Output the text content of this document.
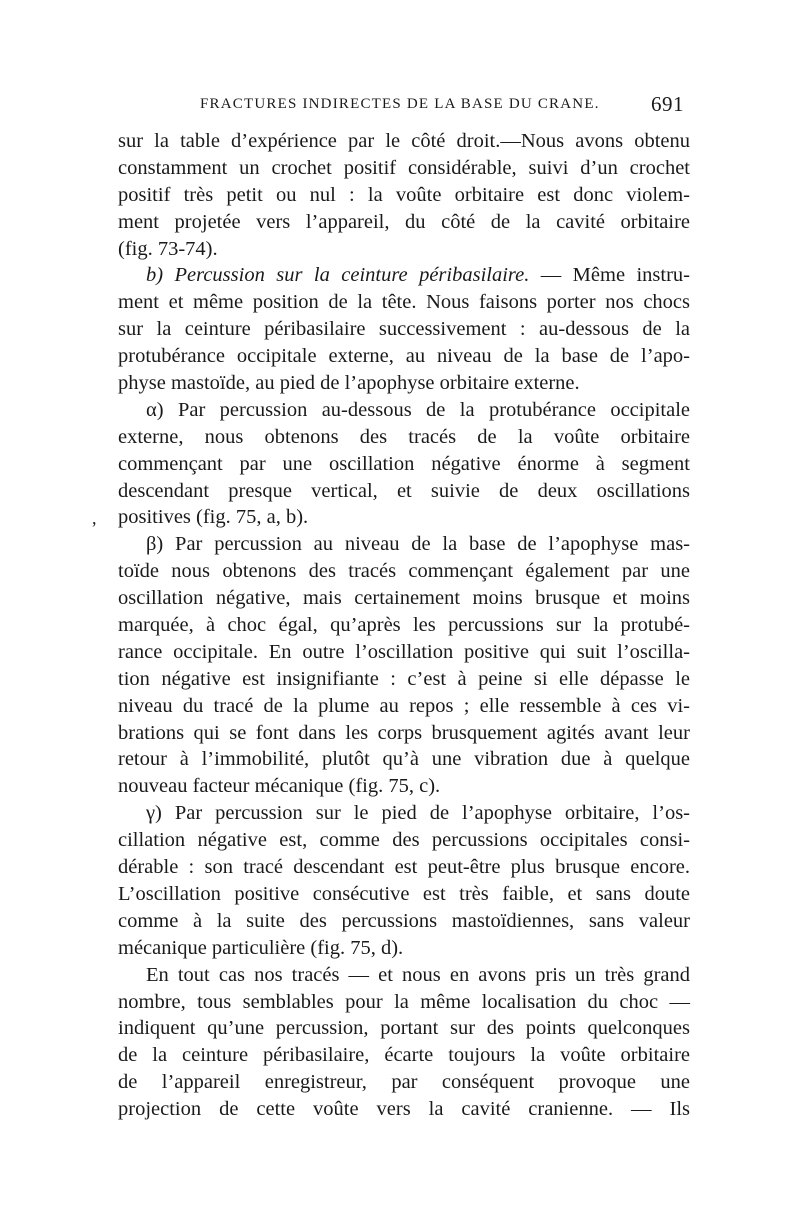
FRACTURES INDIRECTES DE LA BASE DU CRANE. 691
,
sur la table d’expérience par le côté droit.—Nous avons obtenu
constamment un crochet positif considérable, suivi d’un crochet
positif très petit ou nul : la voûte orbitaire est donc violem-
ment projetée vers l’appareil, du côté de la cavité orbitaire
(fig. 73-74).
b) Percussion sur la ceinture péribasilaire. — Même instru-
ment et même position de la tête. Nous faisons porter nos chocs
sur la ceinture péribasilaire successivement : au-dessous de la
protubérance occipitale externe, au niveau de la base de l’apo-
physe mastoïde, au pied de l’apophyse orbitaire externe.
α) Par percussion au-dessous de la protubérance occipitale
externe, nous obtenons des tracés de la voûte orbitaire
commençant par une oscillation négative énorme à segment
descendant presque vertical, et suivie de deux oscillations
positives (fig. 75, a, b).
β) Par percussion au niveau de la base de l’apophyse mas-
toïde nous obtenons des tracés commençant également par une
oscillation négative, mais certainement moins brusque et moins
marquée, à choc égal, qu’après les percussions sur la protubé-
rance occipitale. En outre l’oscillation positive qui suit l’oscilla-
tion négative est insignifiante : c’est à peine si elle dépasse le
niveau du tracé de la plume au repos ; elle ressemble à ces vi-
brations qui se font dans les corps brusquement agités avant leur
retour à l’immobilité, plutôt qu’à une vibration due à quelque
nouveau facteur mécanique (fig. 75, c).
γ) Par percussion sur le pied de l’apophyse orbitaire, l’os-
cillation négative est, comme des percussions occipitales consi-
dérable : son tracé descendant est peut-être plus brusque encore.
L’oscillation positive consécutive est très faible, et sans doute
comme à la suite des percussions mastoïdiennes, sans valeur
mécanique particulière (fig. 75, d).
En tout cas nos tracés — et nous en avons pris un très grand
nombre, tous semblables pour la même localisation du choc —
indiquent qu’une percussion, portant sur des points quelconques
de la ceinture péribasilaire, écarte toujours la voûte orbitaire
de l’appareil enregistreur, par conséquent provoque une
projection de cette voûte vers la cavité cranienne. — Ils
